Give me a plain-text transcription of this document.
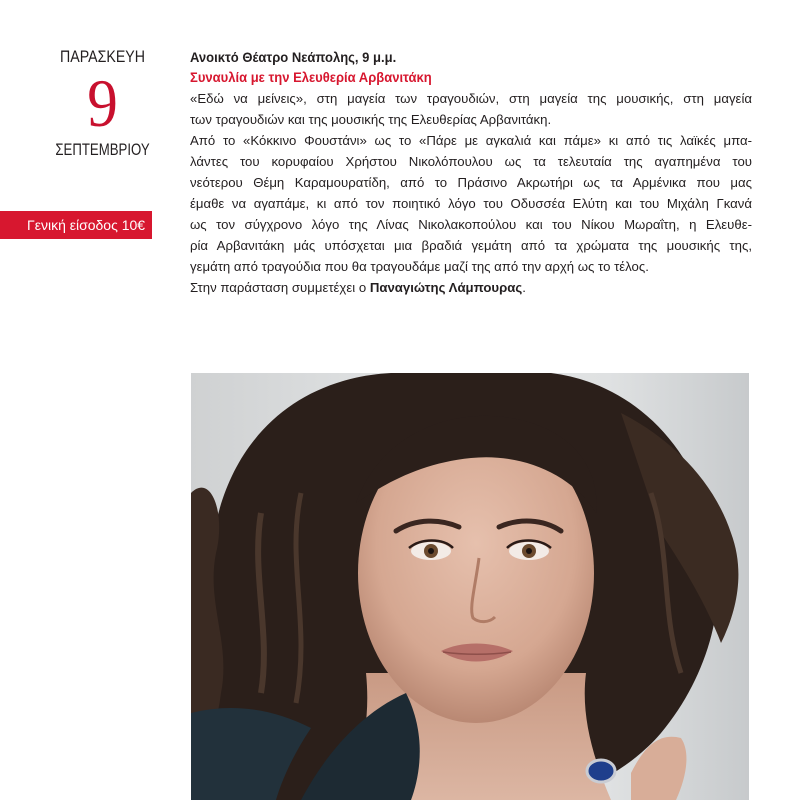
ΠΑΡΑΣΚΕΥΗ
9
ΣΕΠΤΕΜΒΡΙΟΥ
Γενική είσοδος 10€
Ανοικτό Θέατρο Νεάπολης, 9 μ.μ.
Συναυλία με την Ελευθερία Αρβανιτάκη

«Εδώ να μείνεις», στη μαγεία των τραγουδιών, στη μαγεία της μουσικής, στη μαγεία
των τραγουδιών και της μουσικής της Ελευθερίας Αρβανιτάκη.

Από το «Κόκκινο Φουστάνι» ως το «Πάρε με αγκαλιά και πάμε» κι από τις λαϊκές μπα-
λάντες του κορυφαίου Χρήστου Νικολόπουλου ως τα τελευταία της αγαπημένα του
νεότερου Θέμη Καραμουρατίδη, από το Πράσινο Ακρωτήρι ως τα Αρμένικα που μας
έμαθε να αγαπάμε, κι από τον ποιητικό λόγο του Οδυσσέα Ελύτη και του Μιχάλη Γκανά
ως τον σύγχρονο λόγο της Λίνας Νικολακοπούλου και του Νίκου Μωραΐτη, η Ελευθε-
ρία Αρβανιτάκη μάς υπόσχεται μια βραδιά γεμάτη από τα χρώματα της μουσικής της,
γεμάτη από τραγούδια που θα τραγουδάμε μαζί της από την αρχή ως το τέλος.

Στην παράσταση συμμετέχει ο Παναγιώτης Λάμπουρας.
